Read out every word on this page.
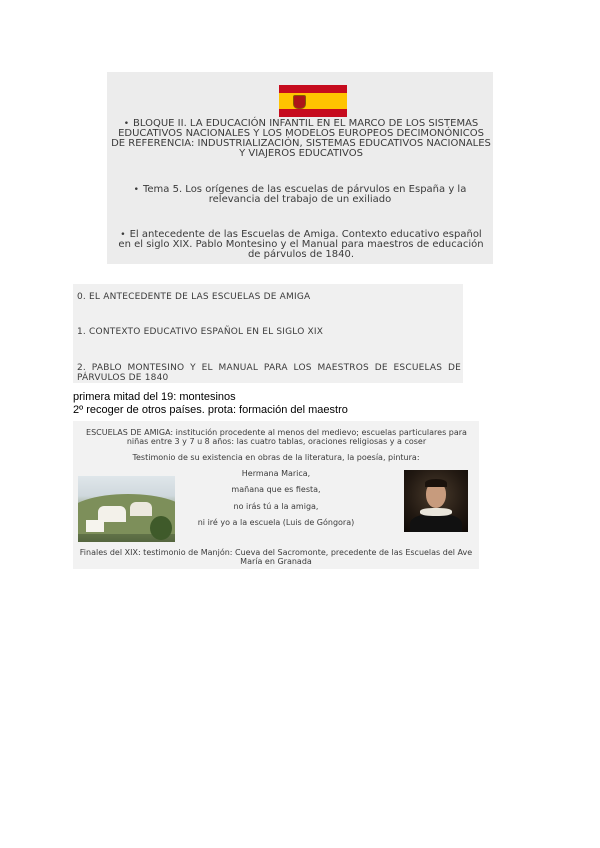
• BLOQUE II. LA EDUCACIÓN INFANTIL EN EL MARCO DE LOS SISTEMAS EDUCATIVOS NACIONALES Y LOS MODELOS EUROPEOS DECIMONÓNICOS DE REFERENCIA: INDUSTRIALIZACIÓN, SISTEMAS EDUCATIVOS NACIONALES Y VIAJEROS EDUCATIVOS
• Tema 5. Los orígenes de las escuelas de párvulos en España y la relevancia del trabajo de un exiliado
• El antecedente de las Escuelas de Amiga. Contexto educativo español en el siglo XIX. Pablo Montesino y el Manual para maestros de educación de párvulos de 1840.
0. EL ANTECEDENTE DE LAS ESCUELAS DE AMIGA
1. CONTEXTO EDUCATIVO ESPAÑOL EN EL SIGLO XIX
2. PABLO MONTESINO Y EL MANUAL PARA LOS MAESTROS DE ESCUELAS DE PÁRVULOS DE 1840
primera mitad del 19: montesinos
2º recoger de otros países. prota: formación del maestro
ESCUELAS DE AMIGA: institución procedente al menos del medievo; escuelas particulares para niñas entre 3 y 7 u 8 años: las cuatro tablas, oraciones religiosas y a coser
Testimonio de su existencia en obras de la literatura, la poesía, pintura:
Hermana Marica,
mañana que es fiesta,
no irás tú a la amiga,
ni iré yo a la escuela (Luis de Góngora)
Finales del XIX: testimonio de Manjón: Cueva del Sacromonte, precedente de las Escuelas del Ave María en Granada
